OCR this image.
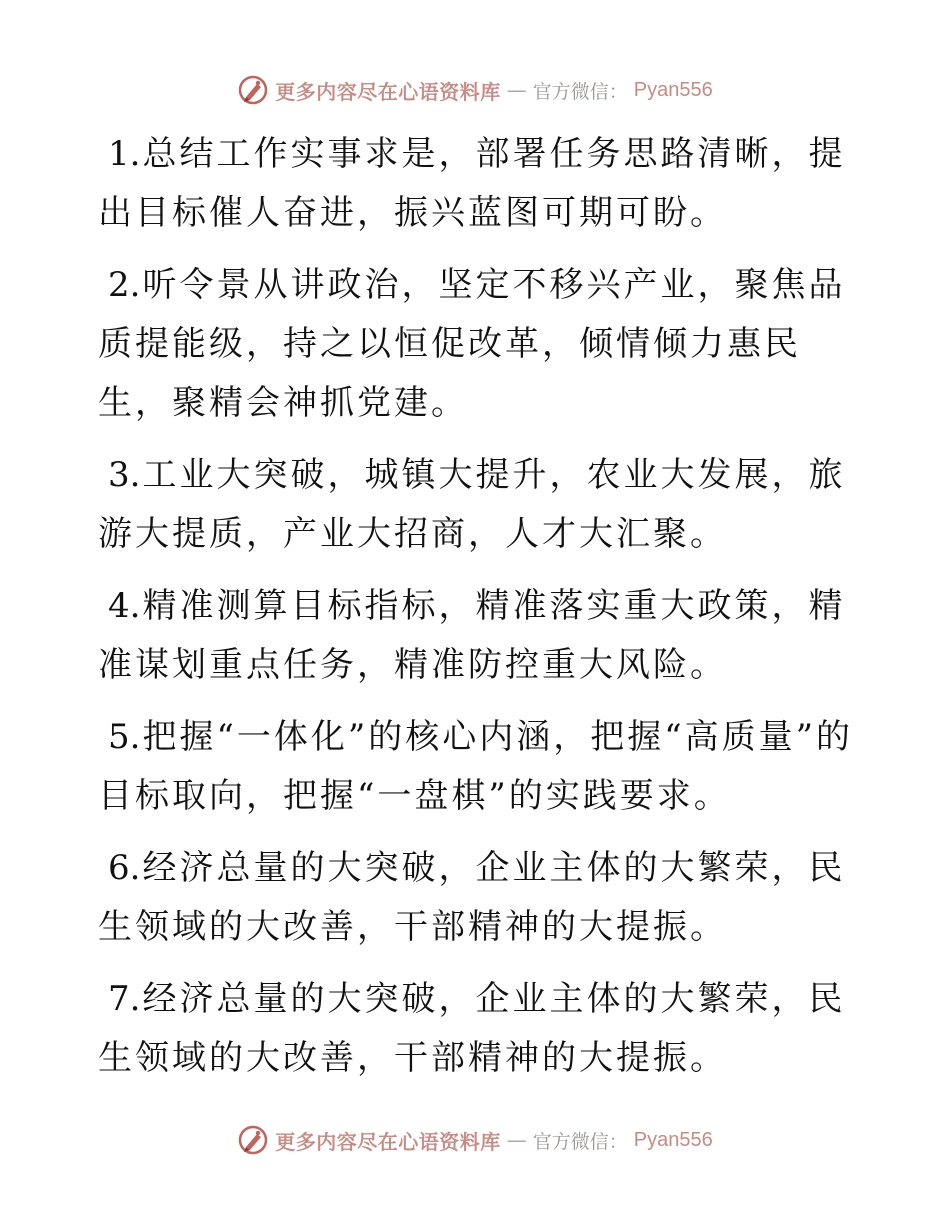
更多内容尽在心语资料库 — 官方微信： Pyan556

1.总结工作实事求是，部署任务思路清晰，提出目标催人奋进，振兴蓝图可期可盼。

2.听令景从讲政治，坚定不移兴产业，聚焦品质提能级，持之以恒促改革，倾情倾力惠民生，聚精会神抓党建。

3.工业大突破，城镇大提升，农业大发展，旅游大提质，产业大招商，人才大汇聚。

4.精准测算目标指标，精准落实重大政策，精准谋划重点任务，精准防控重大风险。

5.把握“一体化”的核心内涵，把握“高质量”的目标取向，把握“一盘棋”的实践要求。

6.经济总量的大突破，企业主体的大繁荣，民生领域的大改善，干部精神的大提振。

7.经济总量的大突破，企业主体的大繁荣，民生领域的大改善，干部精神的大提振。

更多内容尽在心语资料库 — 官方微信： Pyan556
